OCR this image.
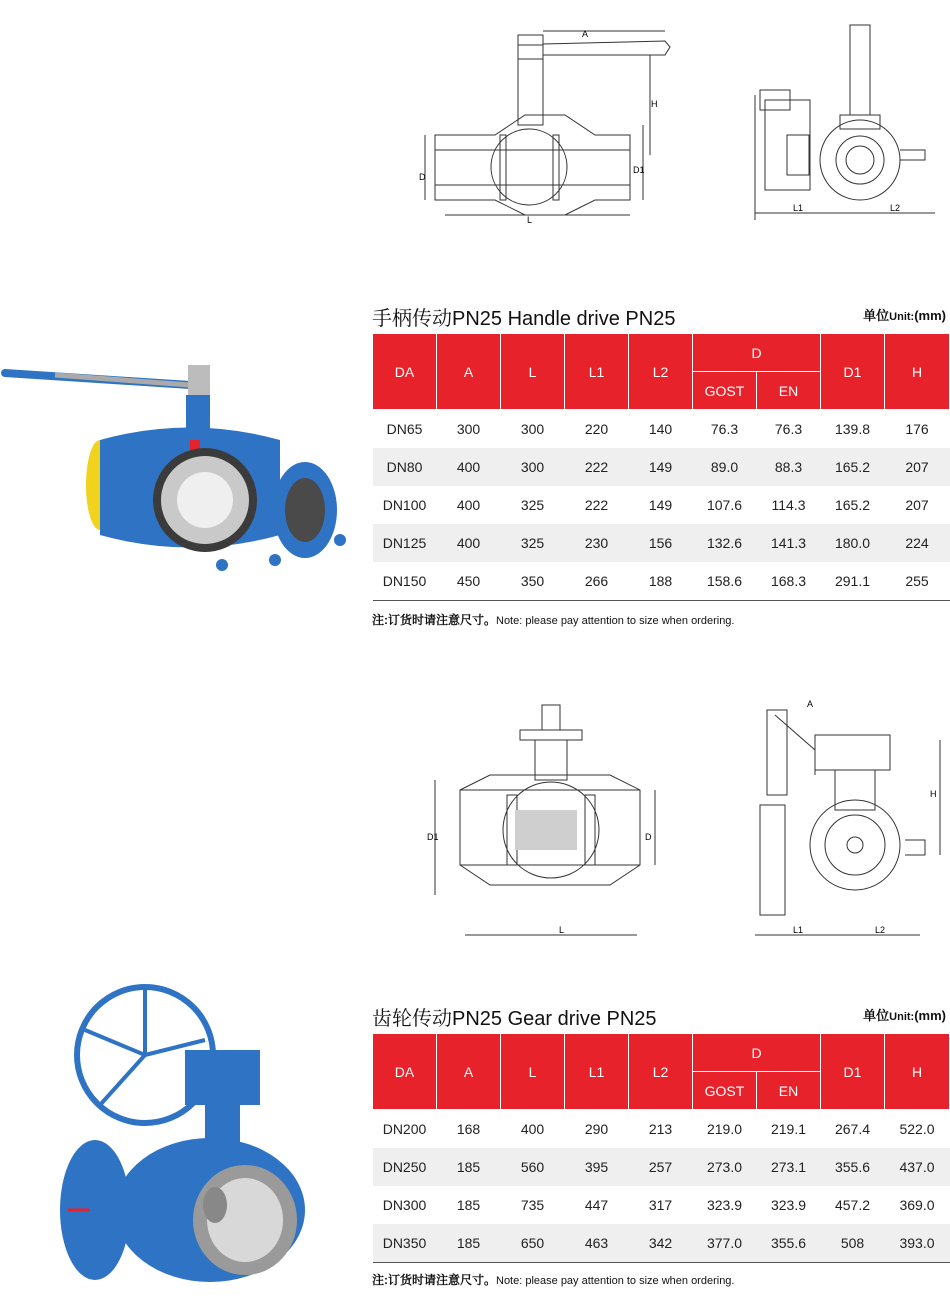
A
H
D
D1
L
L1	L2
手柄传动PN25 Handle drive PN25	单位Unit:(mm)
DA	A	L	L1	L2	D		D1	H
					GOST	EN		
DN65	300	300	220	140	76.3	76.3	139.8	176
DN80	400	300	222	149	89.0	88.3	165.2	207
DN100	400	325	222	149	107.6	114.3	165.2	207
DN125	400	325	230	156	132.6	141.3	180.0	224
DN150	450	350	266	188	158.6	168.3	291.1	255
注:订货时请注意尺寸。Note: please pay attention to size when ordering.
A
H
D1	D
L	L1	L2
齿轮传动PN25 Gear drive PN25	单位Unit:(mm)
DA	A	L	L1	L2	D		D1	H
					GOST	EN		
DN200	168	400	290	213	219.0	219.1	267.4	522.0
DN250	185	560	395	257	273.0	273.1	355.6	437.0
DN300	185	735	447	317	323.9	323.9	457.2	369.0
DN350	185	650	463	342	377.0	355.6	508	393.0
注:订货时请注意尺寸。Note: please pay attention to size when ordering.
